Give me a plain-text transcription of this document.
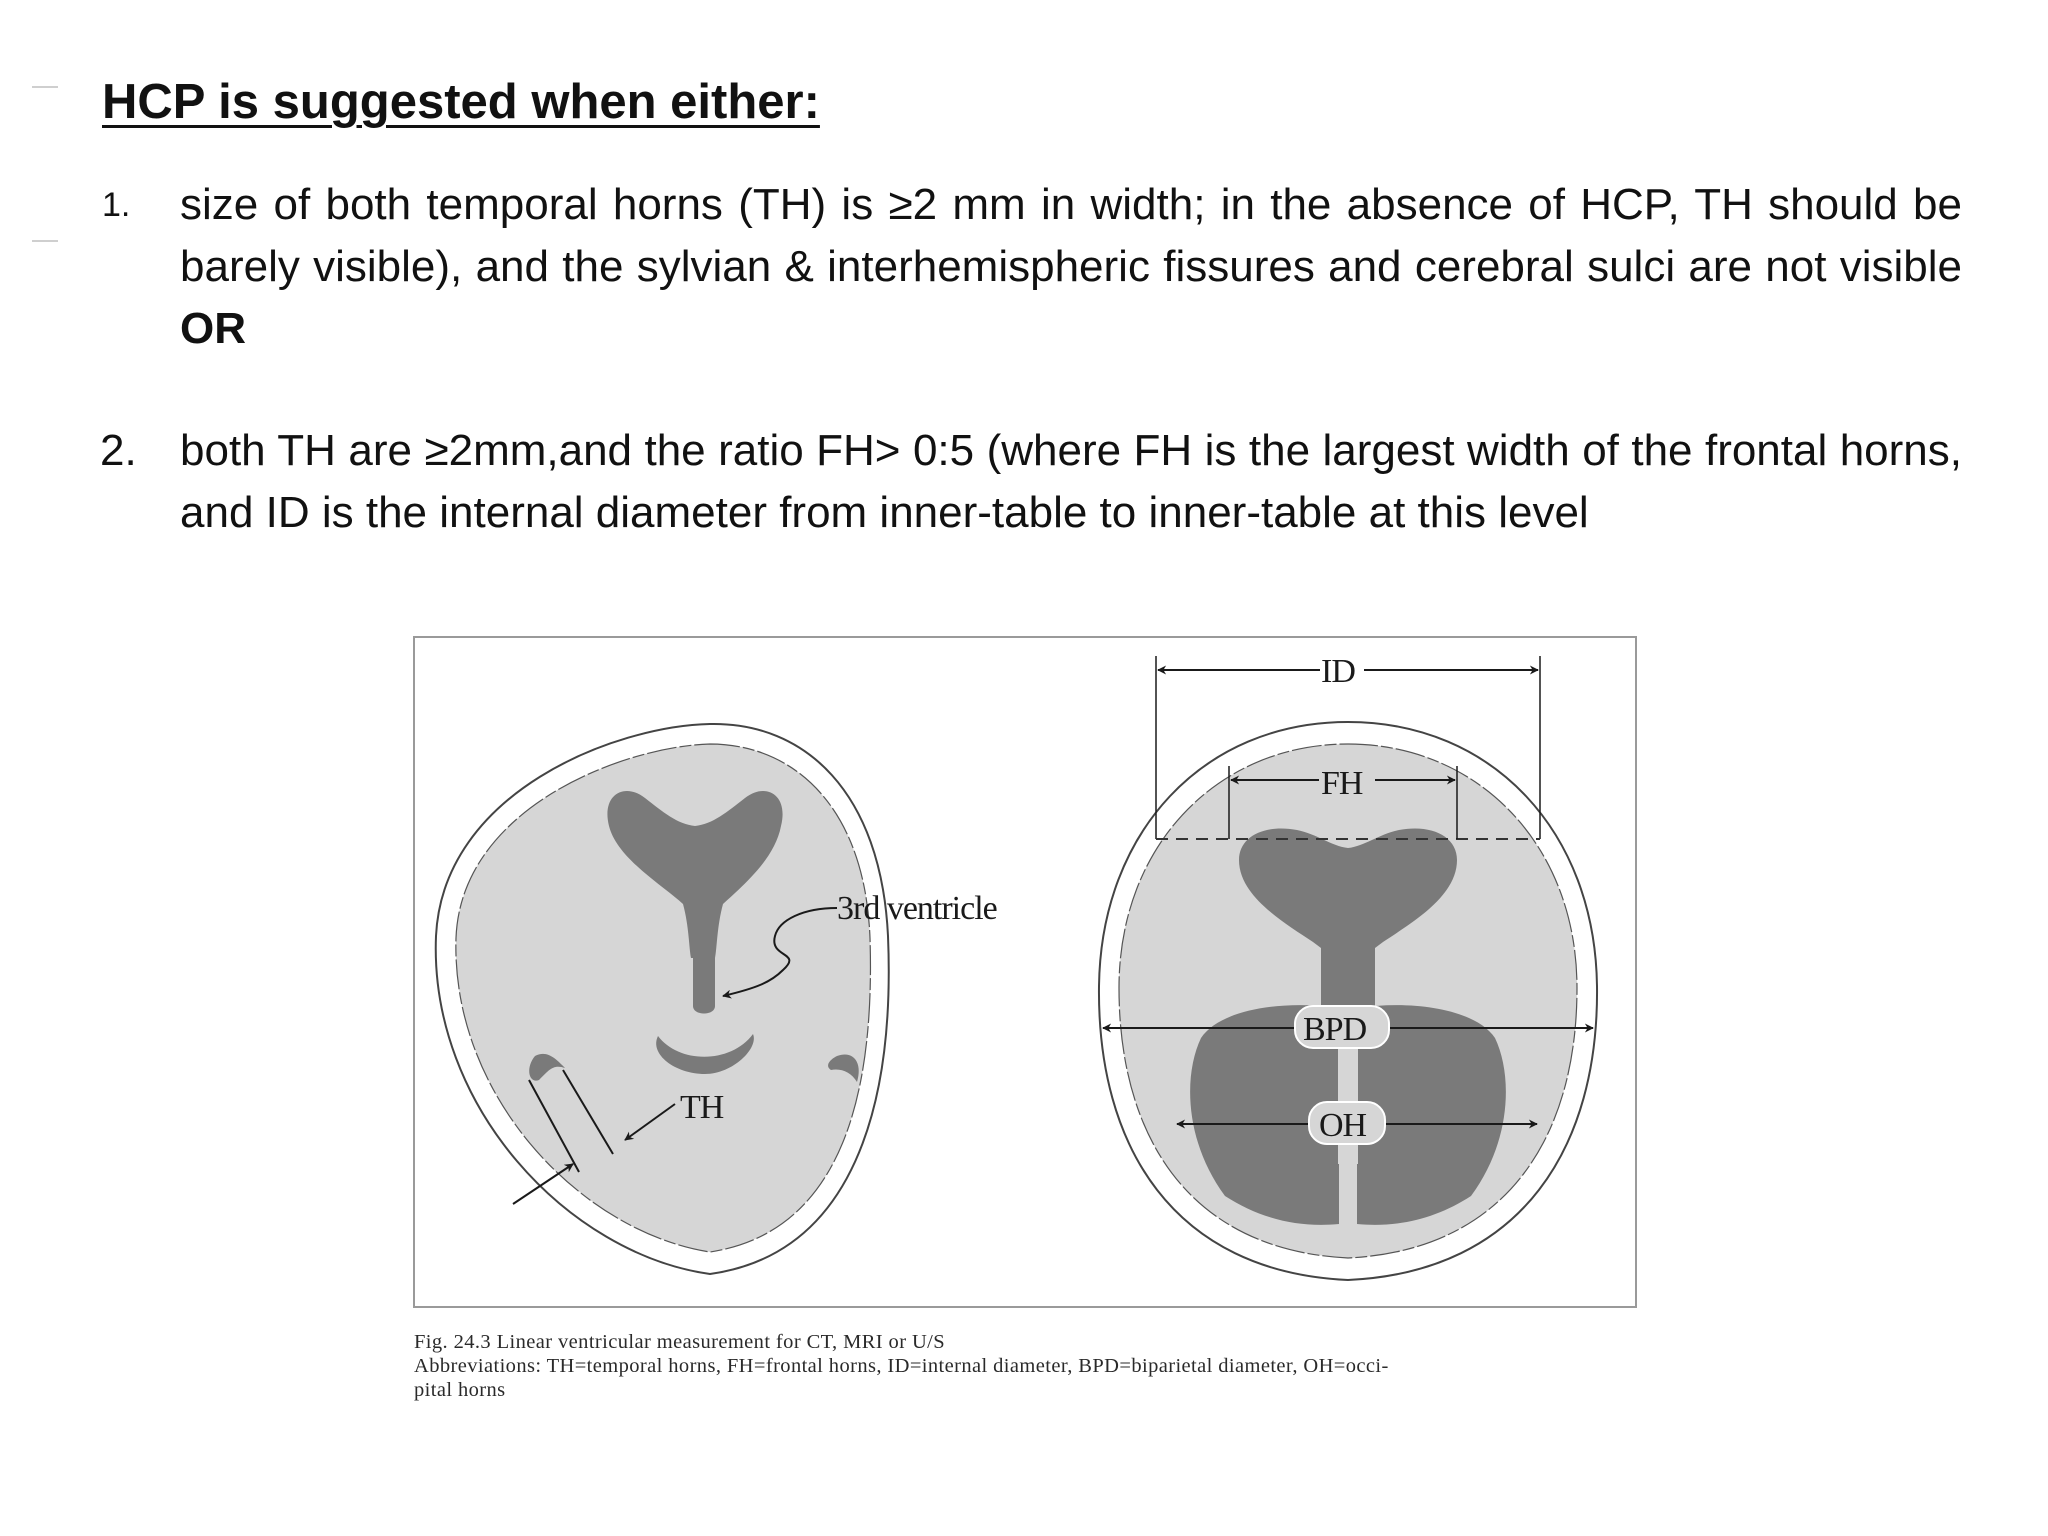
HCP is suggested when either:

1. size of both temporal horns (TH) is ≥2 mm in width; in the absence of HCP, TH should be barely visible), and the sylvian & interhemispheric fissures and cerebral sulci are not visible OR

2. both TH are ≥2mm,and the ratio FH> 0:5 (where FH is the largest width of the frontal horns, and ID is the internal diameter from inner-table to inner-table at this level

TH
3rd ventricle
ID
FH
BPD
OH
Fig. 24.3 Linear ventricular measurement for CT, MRI or U/S
Abbreviations: TH=temporal horns, FH=frontal horns, ID=internal diameter, BPD=biparietal diameter, OH=occi-
pital horns
